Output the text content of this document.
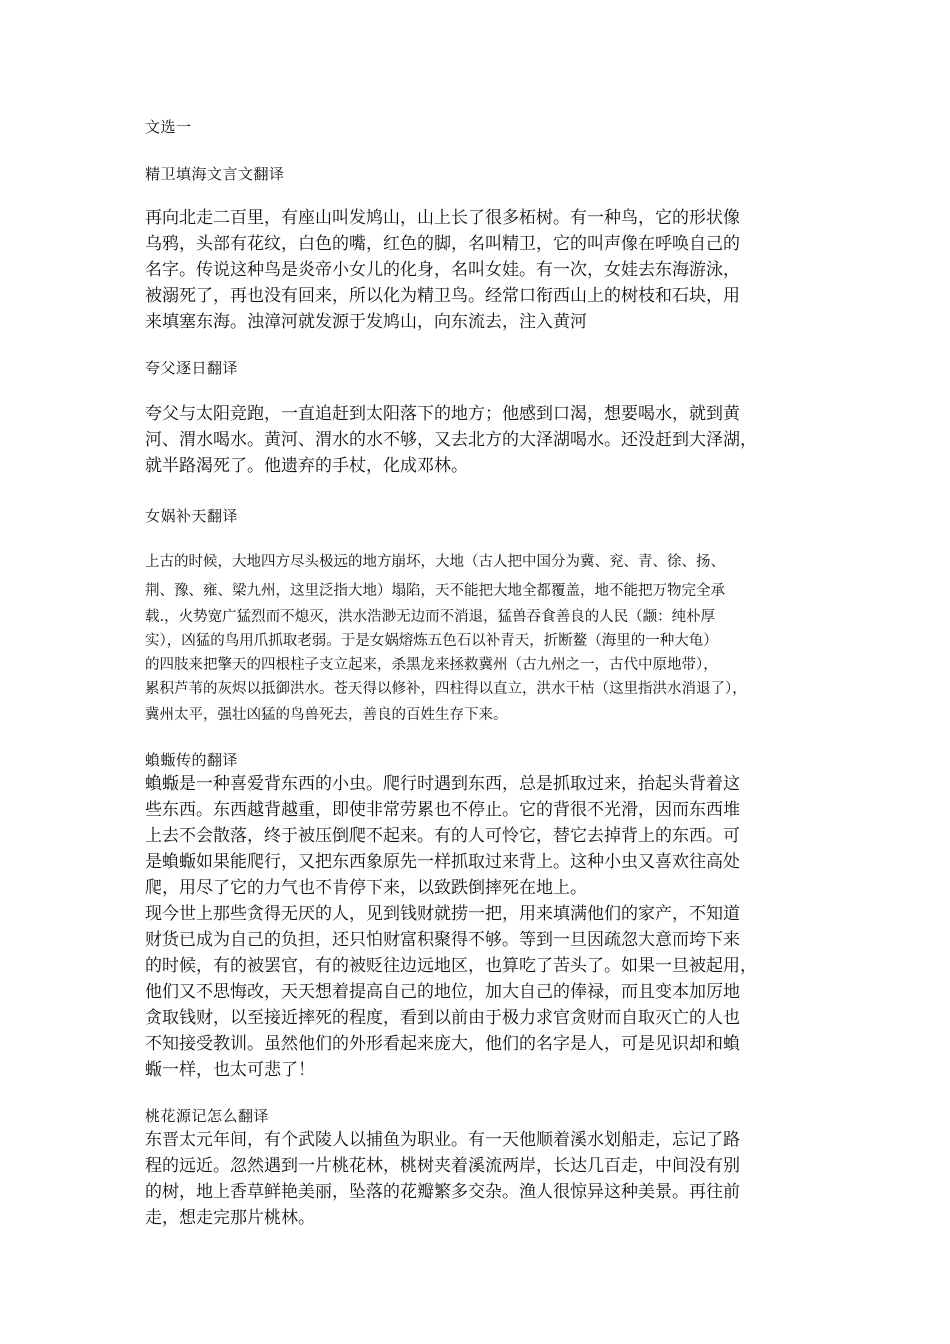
文选一
精卫填海文言文翻译
再向北走二百里，有座山叫发鸠山，山上长了很多柘树。有一种鸟，它的形状像
乌鸦，头部有花纹，白色的嘴，红色的脚，名叫精卫，它的叫声像在呼唤自己的
名字。传说这种鸟是炎帝小女儿的化身，名叫女娃。有一次，女娃去东海游泳，
被溺死了，再也没有回来，所以化为精卫鸟。经常口衔西山上的树枝和石块，用
来填塞东海。浊漳河就发源于发鸠山，向东流去，注入黄河
夸父逐日翻译
夸父与太阳竞跑，一直追赶到太阳落下的地方；他感到口渴，想要喝水，就到黄
河、渭水喝水。黄河、渭水的水不够，又去北方的大泽湖喝水。还没赶到大泽湖，
就半路渴死了。他遗弃的手杖，化成邓林。
女娲补天翻译
上古的时候，大地四方尽头极远的地方崩坏，大地（古人把中国分为冀、兖、青、徐、扬、
荆、豫、雍、梁九州，这里泛指大地）塌陷，天不能把大地全都覆盖，地不能把万物完全承
载.，火势宽广猛烈而不熄灭，洪水浩渺无边而不消退，猛兽吞食善良的人民（颛：纯朴厚
实），凶猛的鸟用爪抓取老弱。于是女娲熔炼五色石以补青天，折断鳌（海里的一种大龟）
的四肢来把擎天的四根柱子支立起来，杀黑龙来拯救冀州（古九州之一，古代中原地带），
累积芦苇的灰烬以抵御洪水。苍天得以修补，四柱得以直立，洪水干枯（这里指洪水消退了），
冀州太平，强壮凶猛的鸟兽死去，善良的百姓生存下来。
蝜蝂传的翻译
蝜蝂是一种喜爱背东西的小虫。爬行时遇到东西，总是抓取过来，抬起头背着这
些东西。东西越背越重，即使非常劳累也不停止。它的背很不光滑，因而东西堆
上去不会散落，终于被压倒爬不起来。有的人可怜它，替它去掉背上的东西。可
是蝜蝂如果能爬行，又把东西象原先一样抓取过来背上。这种小虫又喜欢往高处
爬，用尽了它的力气也不肯停下来，以致跌倒摔死在地上。
现今世上那些贪得无厌的人，见到钱财就捞一把，用来填满他们的家产，不知道
财货已成为自己的负担，还只怕财富积聚得不够。等到一旦因疏忽大意而垮下来
的时候，有的被罢官，有的被贬往边远地区，也算吃了苦头了。如果一旦被起用，
他们又不思悔改，天天想着提高自己的地位，加大自己的俸禄，而且变本加厉地
贪取钱财，以至接近摔死的程度，看到以前由于极力求官贪财而自取灭亡的人也
不知接受教训。虽然他们的外形看起来庞大，他们的名字是人，可是见识却和蝜
蝂一样，也太可悲了！
桃花源记怎么翻译
东晋太元年间，有个武陵人以捕鱼为职业。有一天他顺着溪水划船走，忘记了路
程的远近。忽然遇到一片桃花林，桃树夹着溪流两岸，长达几百走，中间没有别
的树，地上香草鲜艳美丽，坠落的花瓣繁多交杂。渔人很惊异这种美景。再往前
走，想走完那片桃林。
